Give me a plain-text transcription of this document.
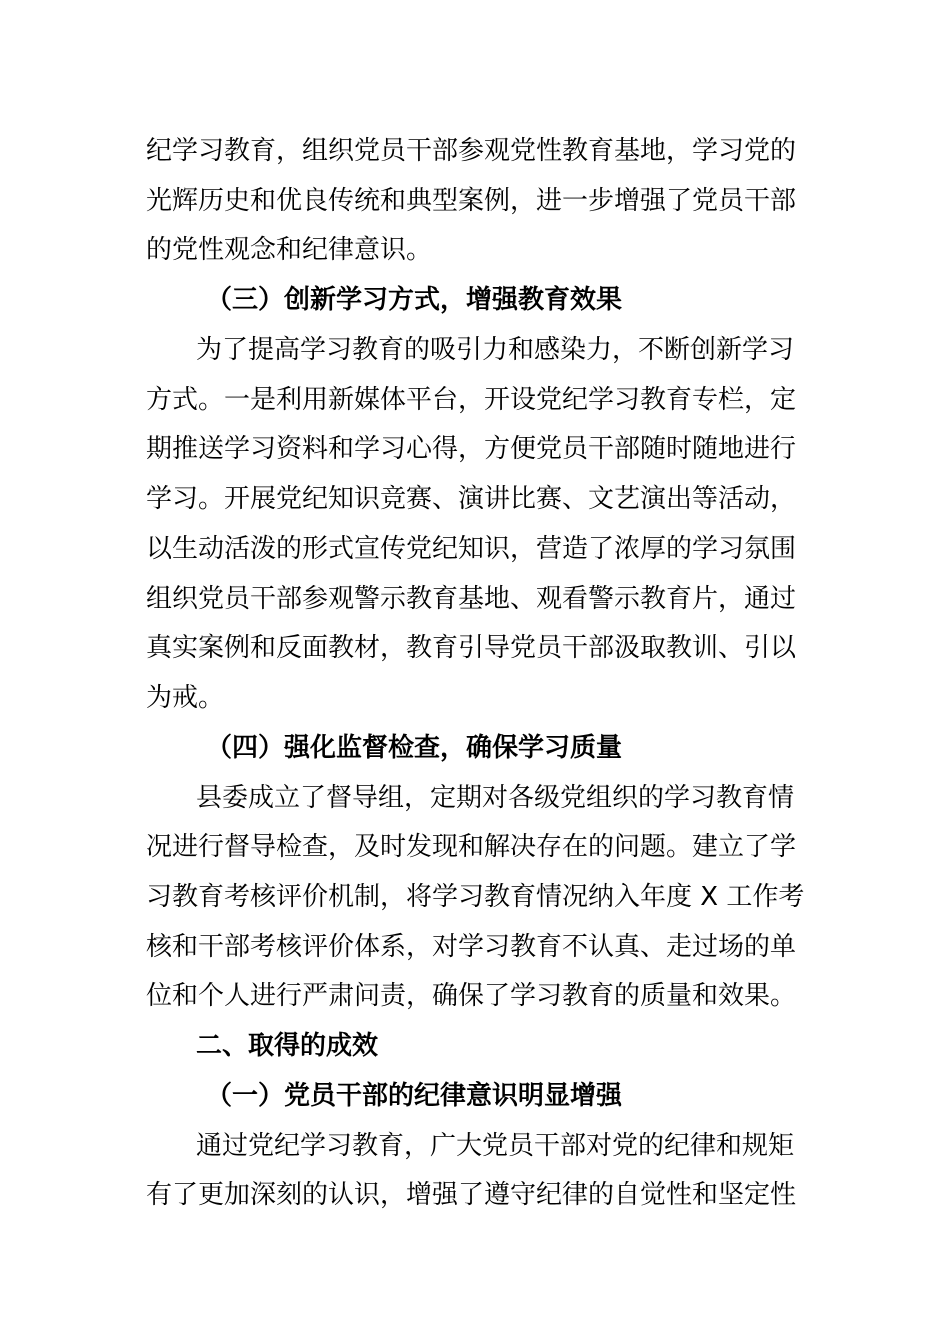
纪学习教育，组织党员干部参观党性教育基地，学习党的
光辉历史和优良传统和典型案例，进一步增强了党员干部
的党性观念和纪律意识。
（三）创新学习方式，增强教育效果
为了提高学习教育的吸引力和感染力，不断创新学习
方式。一是利用新媒体平台，开设党纪学习教育专栏，定
期推送学习资料和学习心得，方便党员干部随时随地进行
学习。开展党纪知识竞赛、演讲比赛、文艺演出等活动，
以生动活泼的形式宣传党纪知识，营造了浓厚的学习氛围
组织党员干部参观警示教育基地、观看警示教育片，通过
真实案例和反面教材，教育引导党员干部汲取教训、引以
为戒。
（四）强化监督检查，确保学习质量
县委成立了督导组，定期对各级党组织的学习教育情
况进行督导检查，及时发现和解决存在的问题。建立了学
习教育考核评价机制，将学习教育情况纳入年度 X 工作考
核和干部考核评价体系，对学习教育不认真、走过场的单
位和个人进行严肃问责，确保了学习教育的质量和效果。
二、取得的成效
（一）党员干部的纪律意识明显增强
通过党纪学习教育，广大党员干部对党的纪律和规矩
有了更加深刻的认识，增强了遵守纪律的自觉性和坚定性
